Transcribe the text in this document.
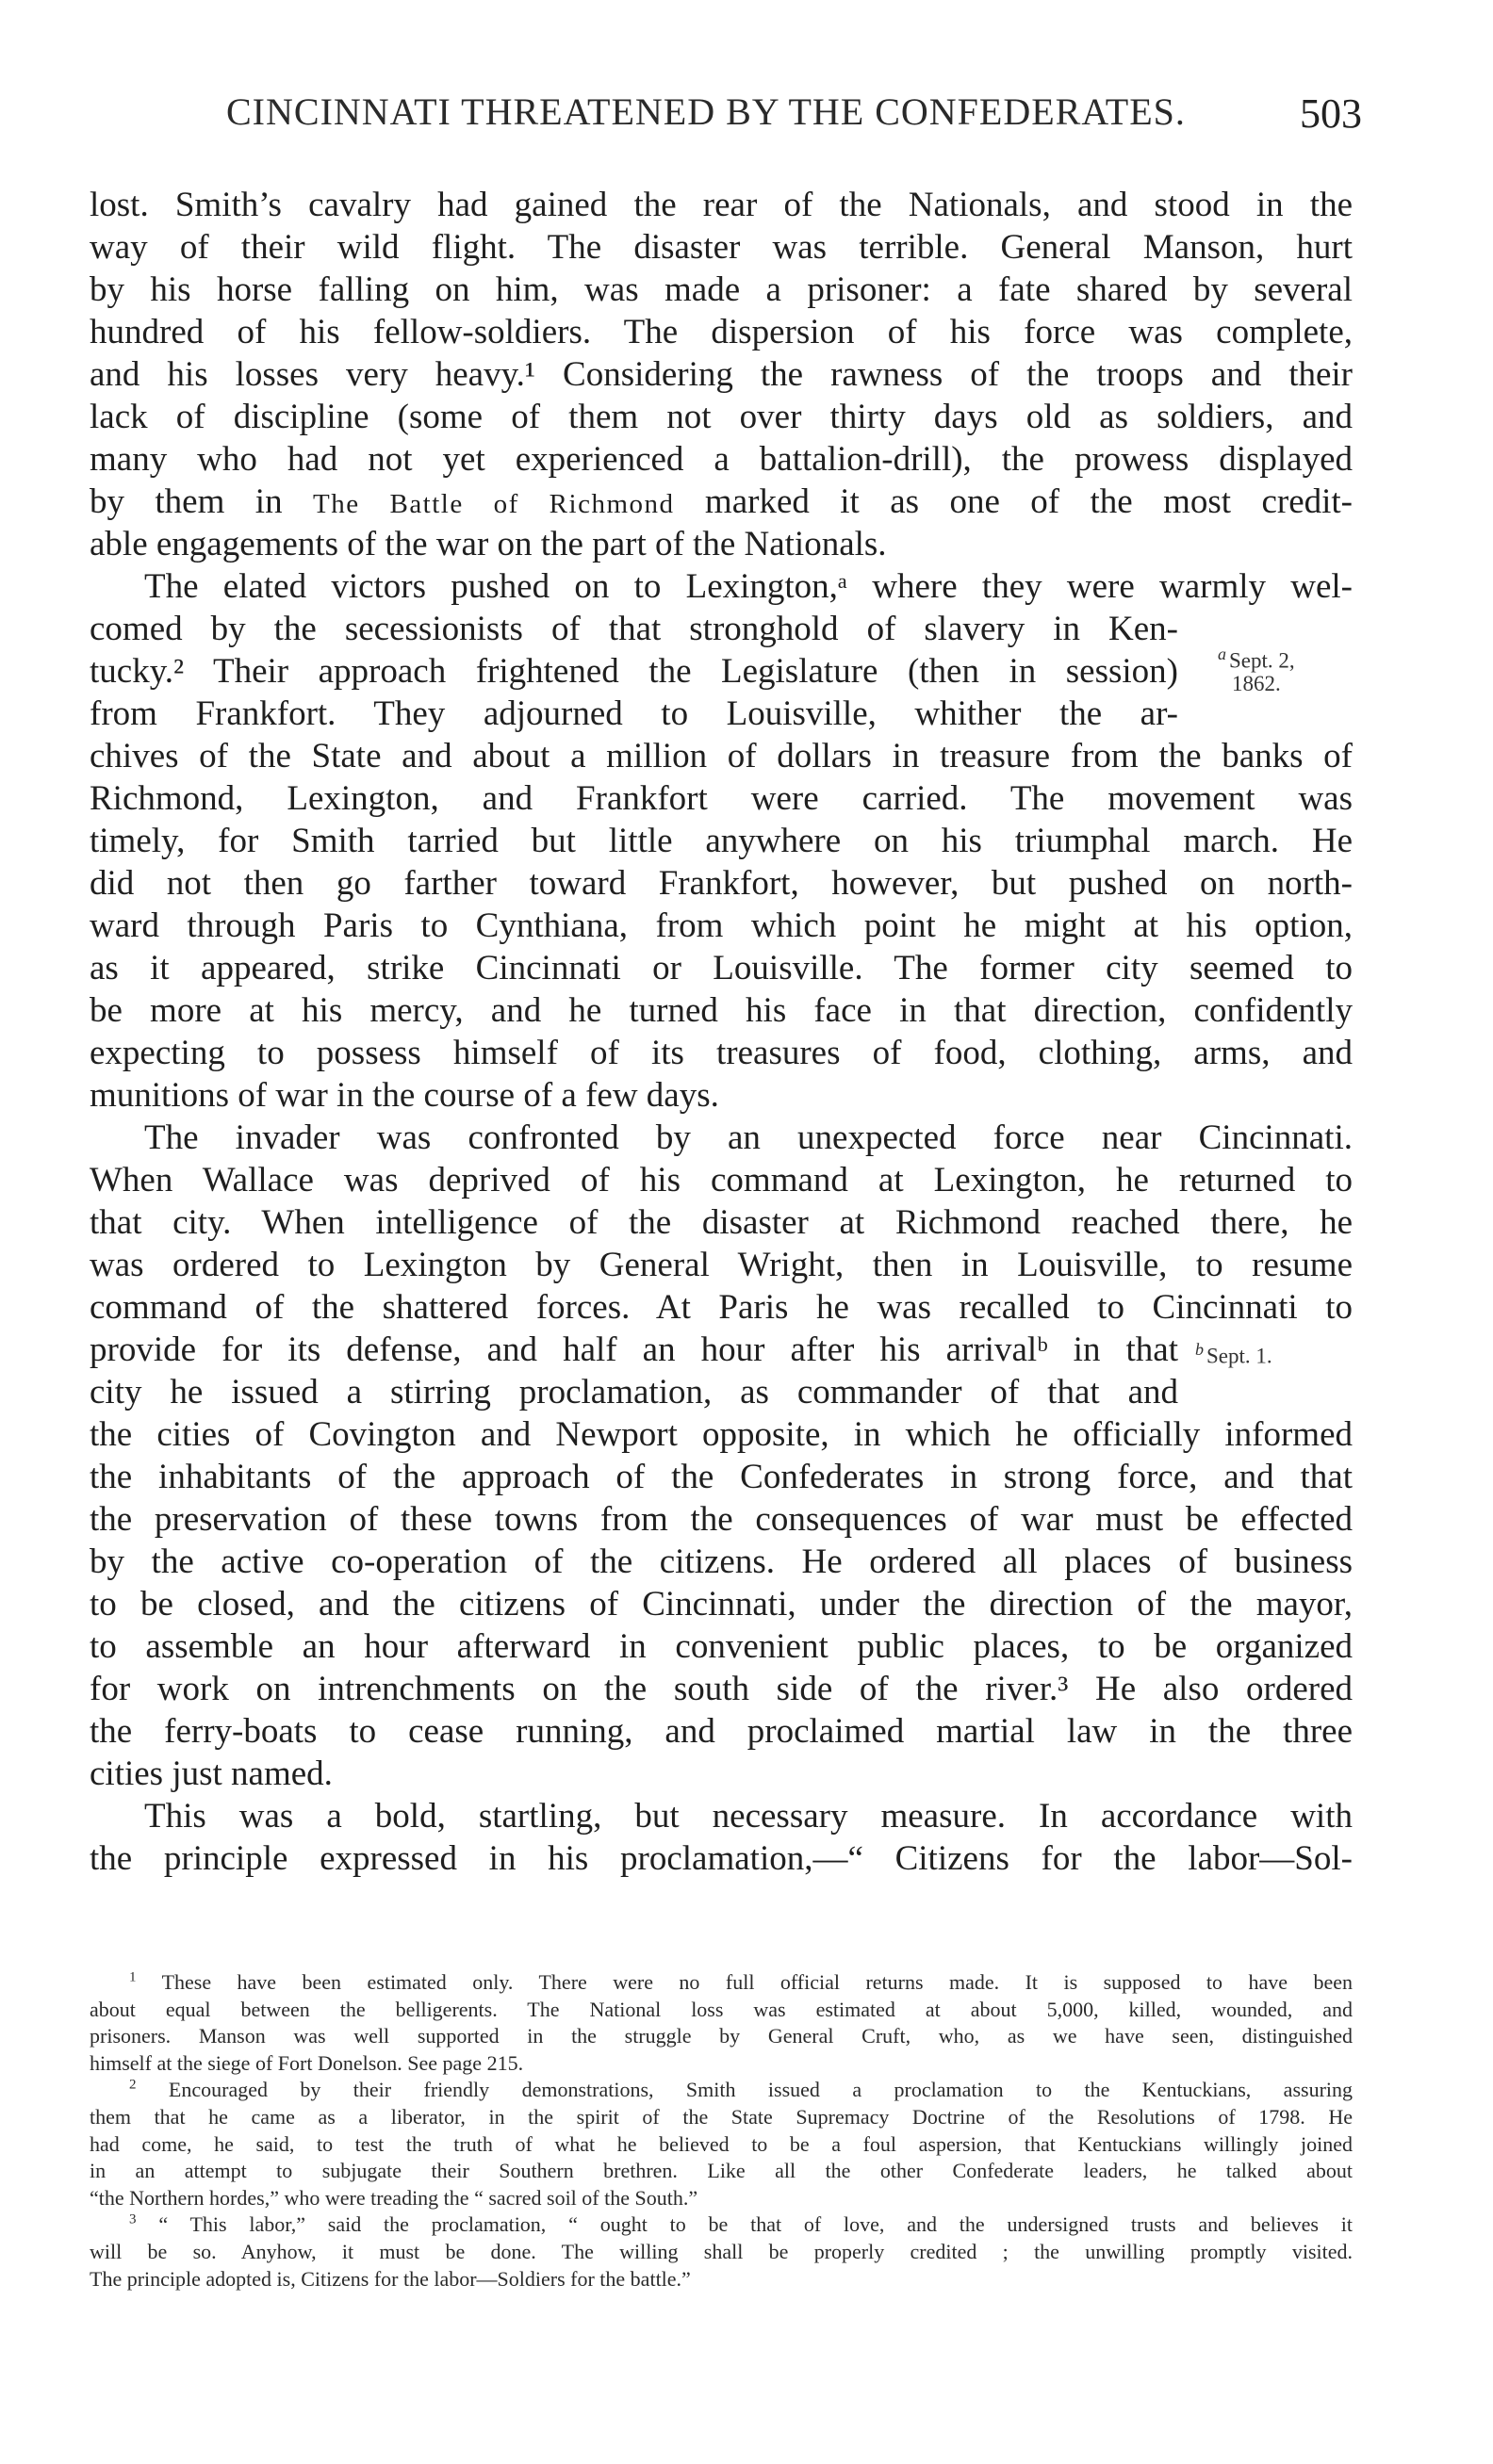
CINCINNATI THREATENED BY THE CONFEDERATES.	503
lost. Smith’s cavalry had gained the rear of the Nationals, and stood in the
way of their wild flight. The disaster was terrible. General Manson, hurt
by his horse falling on him, was made a prisoner: a fate shared by several
hundred of his fellow-soldiers. The dispersion of his force was complete,
and his losses very heavy.¹ Considering the rawness of the troops and their
lack of discipline (some of them not over thirty days old as soldiers, and
many who had not yet experienced a battalion-drill), the prowess displayed
by them in The Battle of Richmond marked it as one of the most credit-
able engagements of the war on the part of the Nationals.
The elated victors pushed on to Lexington,ᵃ where they were warmly wel-
comed by the secessionists of that stronghold of slavery in Ken-
tucky.² Their approach frightened the Legislature (then in session)
from Frankfort. They adjourned to Louisville, whither the ar-
chives of the State and about a million of dollars in treasure from the banks of
Richmond, Lexington, and Frankfort were carried. The movement was
timely, for Smith tarried but little anywhere on his triumphal march. He
did not then go farther toward Frankfort, however, but pushed on north-
ward through Paris to Cynthiana, from which point he might at his option,
as it appeared, strike Cincinnati or Louisville. The former city seemed to
be more at his mercy, and he turned his face in that direction, confidently
expecting to possess himself of its treasures of food, clothing, arms, and
munitions of war in the course of a few days.
The invader was confronted by an unexpected force near Cincinnati.
When Wallace was deprived of his command at Lexington, he returned to
that city. When intelligence of the disaster at Richmond reached there, he
was ordered to Lexington by General Wright, then in Louisville, to resume
command of the shattered forces. At Paris he was recalled to Cincinnati to
provide for its defense, and half an hour after his arrivalᵇ in that
city he issued a stirring proclamation, as commander of that and
the cities of Covington and Newport opposite, in which he officially informed
the inhabitants of the approach of the Confederates in strong force, and that
the preservation of these towns from the consequences of war must be effected
by the active co-operation of the citizens. He ordered all places of business
to be closed, and the citizens of Cincinnati, under the direction of the mayor,
to assemble an hour afterward in convenient public places, to be organized
for work on intrenchments on the south side of the river.³ He also ordered
the ferry-boats to cease running, and proclaimed martial law in the three
cities just named.
This was a bold, startling, but necessary measure. In accordance with
the principle expressed in his proclamation,—“ Citizens for the labor—Sol-
$^a$ Sept. 2,
1862.
$^b$ Sept. 1.
$^1$ These have been estimated only. There were no full official returns made. It is supposed to have been
about equal between the belligerents. The National loss was estimated at about 5,000, killed, wounded, and
prisoners. Manson was well supported in the struggle by General Cruft, who, as we have seen, distinguished
himself at the siege of Fort Donelson. See page 215.
$^2$ Encouraged by their friendly demonstrations, Smith issued a proclamation to the Kentuckians, assuring
them that he came as a liberator, in the spirit of the State Supremacy Doctrine of the Resolutions of 1798. He
had come, he said, to test the truth of what he believed to be a foul aspersion, that Kentuckians willingly joined
in an attempt to subjugate their Southern brethren. Like all the other Confederate leaders, he talked about
“the Northern hordes,” who were treading the “ sacred soil of the South.”
$^3$ “ This labor,” said the proclamation, “ ought to be that of love, and the undersigned trusts and believes it
will be so. Anyhow, it must be done. The willing shall be properly credited ; the unwilling promptly visited.
The principle adopted is, Citizens for the labor—Soldiers for the battle.”
